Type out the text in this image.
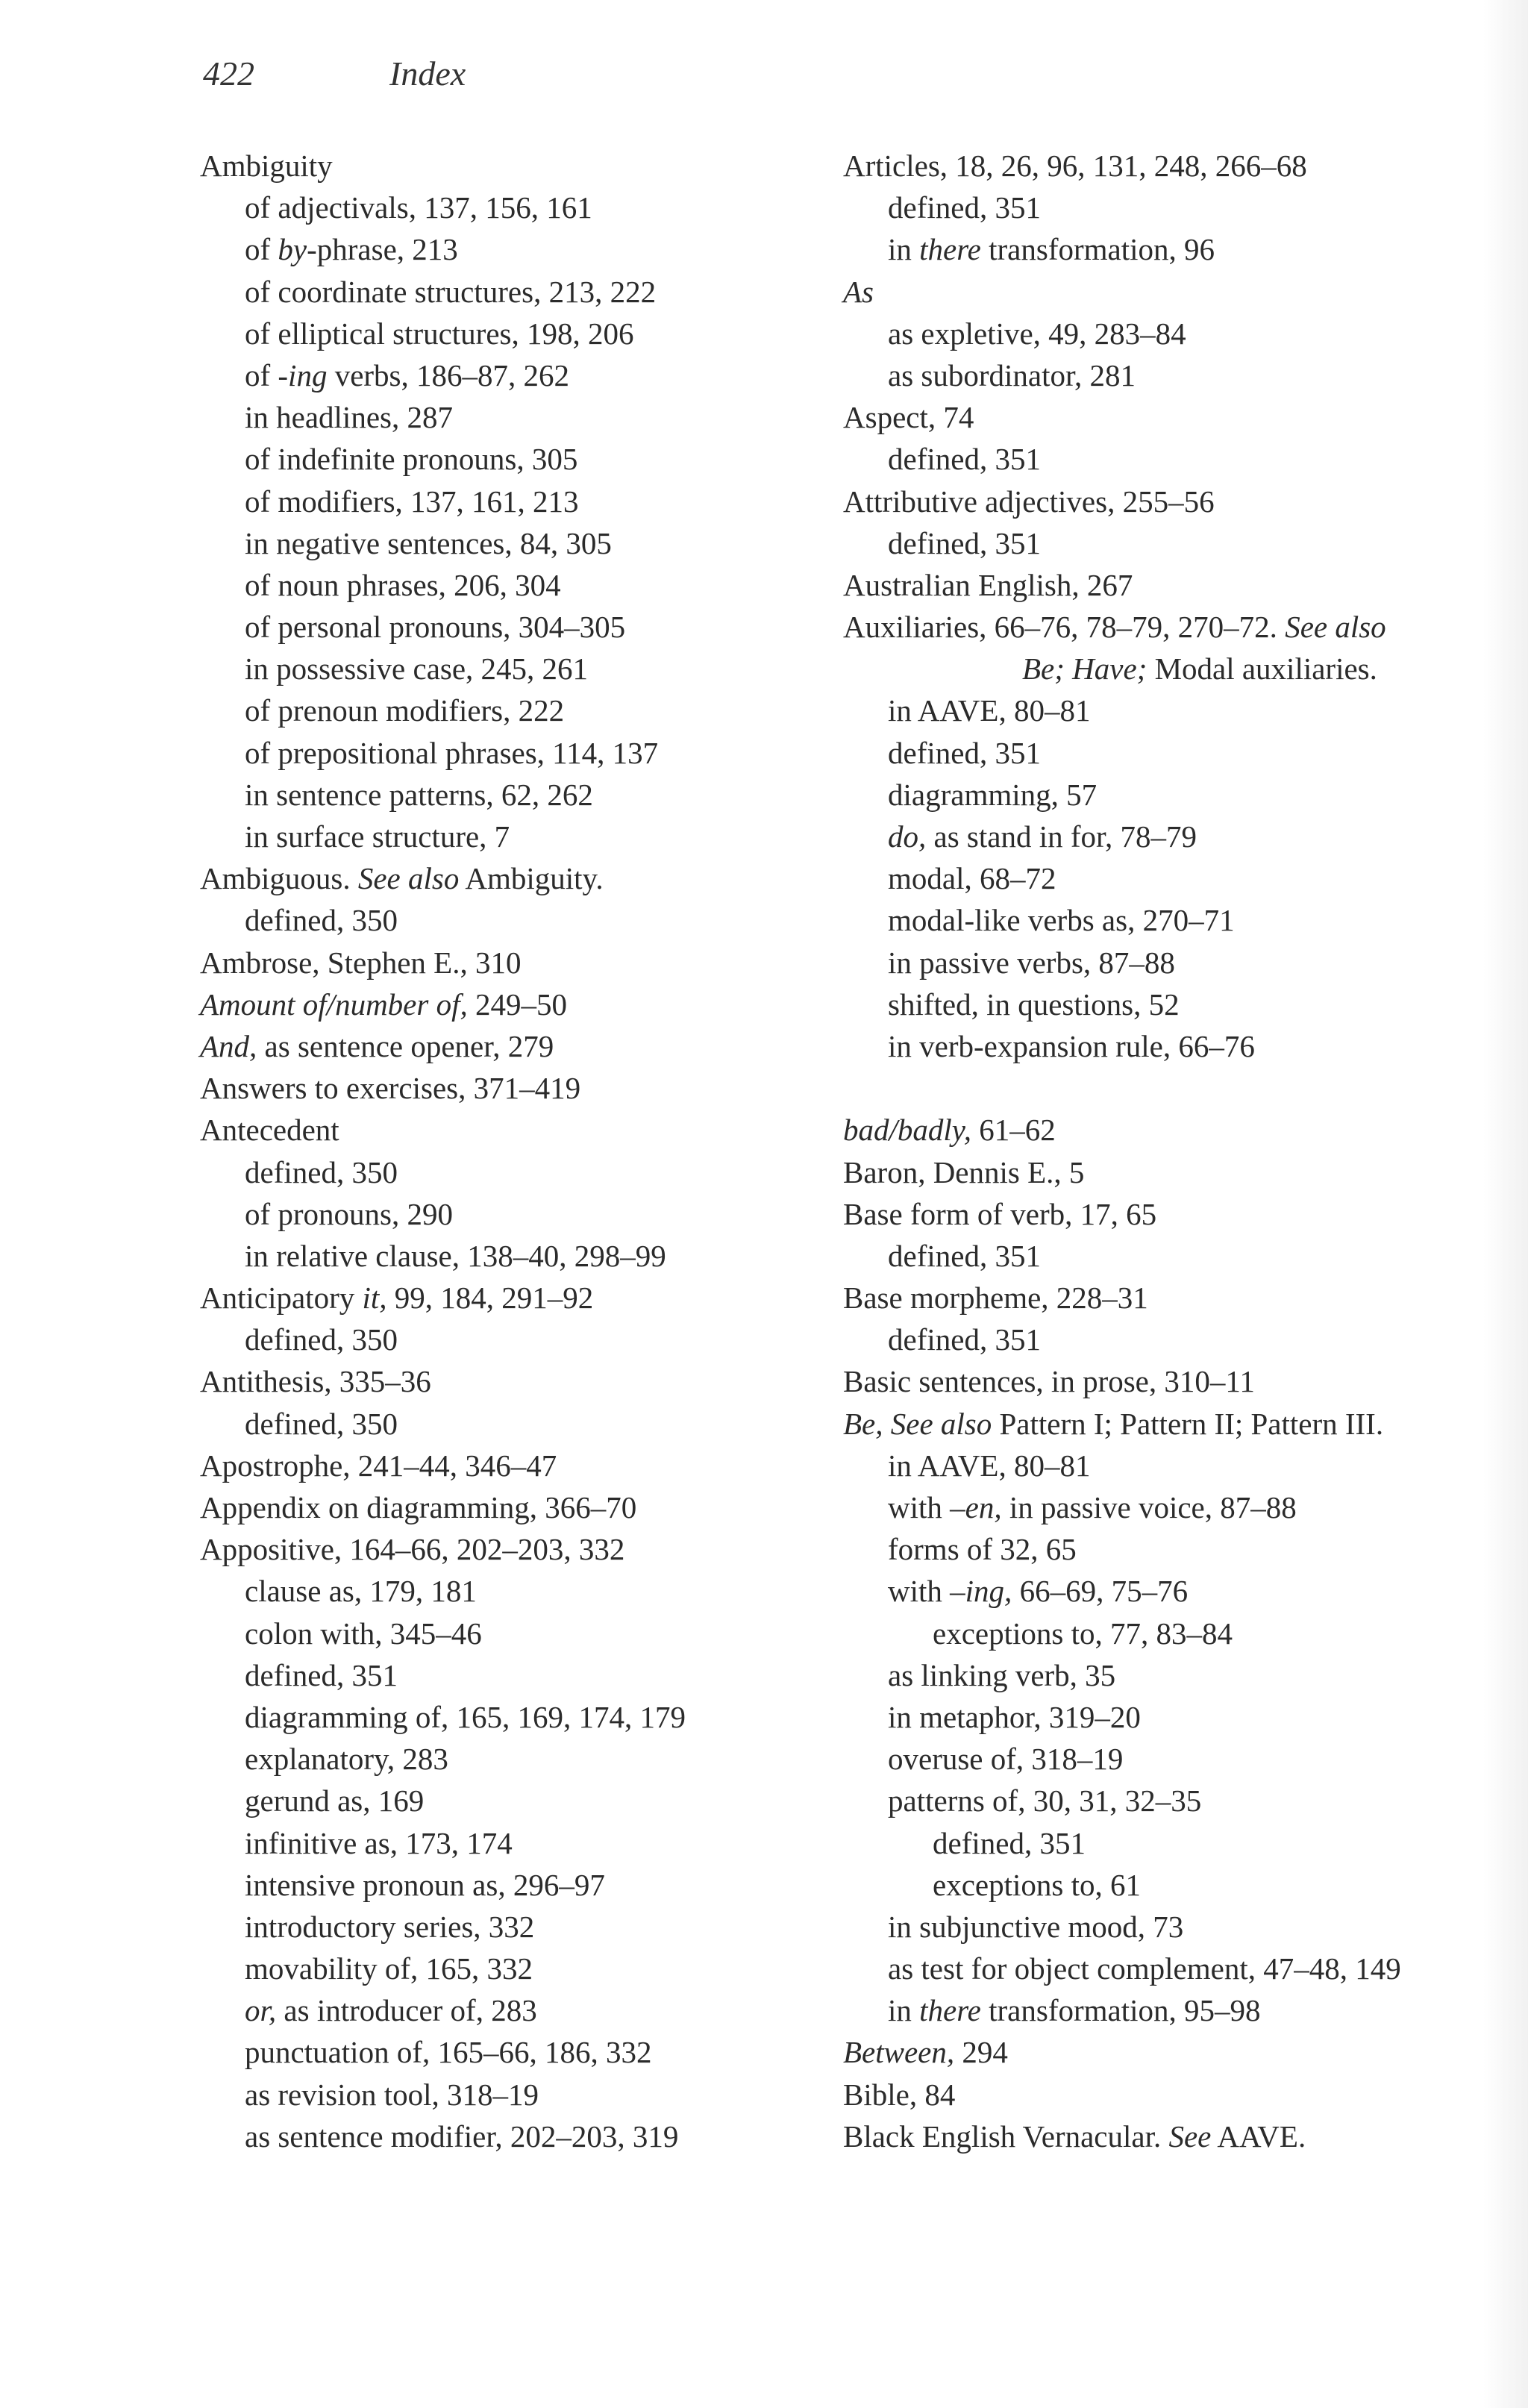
422	Index
Ambiguity
of adjectivals, 137, 156, 161
of by-phrase, 213
of coordinate structures, 213, 222
of elliptical structures, 198, 206
of -ing verbs, 186–87, 262
in headlines, 287
of indefinite pronouns, 305
of modifiers, 137, 161, 213
in negative sentences, 84, 305
of noun phrases, 206, 304
of personal pronouns, 304–305
in possessive case, 245, 261
of prenoun modifiers, 222
of prepositional phrases, 114, 137
in sentence patterns, 62, 262
in surface structure, 7
Ambiguous. See also Ambiguity.
defined, 350
Ambrose, Stephen E., 310
Amount of/number of, 249–50
And, as sentence opener, 279
Answers to exercises, 371–419
Antecedent
defined, 350
of pronouns, 290
in relative clause, 138–40, 298–99
Anticipatory it, 99, 184, 291–92
defined, 350
Antithesis, 335–36
defined, 350
Apostrophe, 241–44, 346–47
Appendix on diagramming, 366–70
Appositive, 164–66, 202–203, 332
clause as, 179, 181
colon with, 345–46
defined, 351
diagramming of, 165, 169, 174, 179
explanatory, 283
gerund as, 169
infinitive as, 173, 174
intensive pronoun as, 296–97
introductory series, 332
movability of, 165, 332
or, as introducer of, 283
punctuation of, 165–66, 186, 332
as revision tool, 318–19
as sentence modifier, 202–203, 319
Articles, 18, 26, 96, 131, 248, 266–68
defined, 351
in there transformation, 96
As
as expletive, 49, 283–84
as subordinator, 281
Aspect, 74
defined, 351
Attributive adjectives, 255–56
defined, 351
Australian English, 267
Auxiliaries, 66–76, 78–79, 270–72. See also
Be; Have; Modal auxiliaries.
in AAVE, 80–81
defined, 351
diagramming, 57
do, as stand in for, 78–79
modal, 68–72
modal-like verbs as, 270–71
in passive verbs, 87–88
shifted, in questions, 52
in verb-expansion rule, 66–76
bad/badly, 61–62
Baron, Dennis E., 5
Base form of verb, 17, 65
defined, 351
Base morpheme, 228–31
defined, 351
Basic sentences, in prose, 310–11
Be, See also Pattern I; Pattern II; Pattern III.
in AAVE, 80–81
with –en, in passive voice, 87–88
forms of 32, 65
with –ing, 66–69, 75–76
exceptions to, 77, 83–84
as linking verb, 35
in metaphor, 319–20
overuse of, 318–19
patterns of, 30, 31, 32–35
defined, 351
exceptions to, 61
in subjunctive mood, 73
as test for object complement, 47–48, 149
in there transformation, 95–98
Between, 294
Bible, 84
Black English Vernacular. See AAVE.
